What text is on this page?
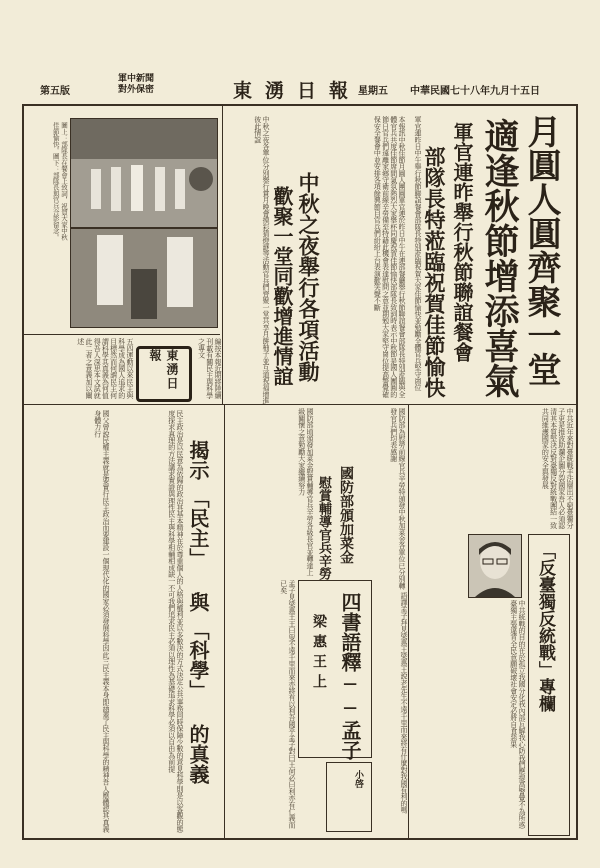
第五版
軍中新聞
對外保密	東湧日報
星期五 中華民國七十八年九月十五日
月圓人圓齊聚一堂
適逢秋節增添喜氣
軍官連昨舉行秋節聯誼餐會
部隊長特蒞臨祝賀佳節愉快
軍官連昨日中午舉行秋節聯誼餐會部隊長特別蒞臨祝賀大家佳節愉快並勉勵全體官兵堅守崗位
本報訊中秋佳節月圓人團圓軍官連於昨日中午在連部餐廳舉行秋節聯誼餐會部隊長特別蒞臨與全體官兵共度佳節席間氣氛熱烈大家舉杯同慶祝賀佳節愉快部隊長致詞時表示中秋節是國人團圓的節日官兵們遠離家鄉守衛前線辛勞備至特藉此機會表達慰問之意並期勉大家堅守崗位提高警覺確保安全餐會中並安排各項餘興節目官兵們紛紛上台表演歡笑聲不斷
中秋之夜舉行各項活動
歡聚一堂同歡增進情誼
中秋之夜各單位分別舉行賞月晚會摸彩猜燈謎等活動官兵們齊聚一堂共享月餅柚子並互道祝福增進彼此情誼
圖上：部隊長在餐會上致詞，祝賀大家中秋佳節愉快。圖下：部隊長與官兵合影留念。
東湧日報	編按本報近期將陸續刊載有關民主與科學之專文
五四運動以來民主與科學成為國人追求的目標然而何謂民主何謂科學其真義為何值得吾人深思本文試就此二者之意義加以闡述
揭示
「民主」
與
「科學」
的真義
民主政治是以民意為依歸的政治其基本精神在於尊重個人的人格與權利並以多數決的方式決定公共事務同時保障少數的意見科學則是以客觀的態度探求真理的方法講求實證與理性民主與科學相輔相成缺一不可我們追求民主必須以理性為基礎追求科學必須以自由為前提
國父曾說民權主義就是要實行民主政治而要建設一個現代化的國家必須發展科學因此三民主義本身即涵蓋了民主與科學的精神吾人應體認其真義身體力行
國防部頒加菜金
慰賞輔導官兵辛勞	國防部為慰勞前線官兵辛勞特頒發中秋加菜金各單位已分別轉發官兵們均表感謝
國防部頃頒發加菜金慰賞輔導官兵辛勞各級長官並轉達上級關懷之意勉勵大家繼續努力
四書語釋──孟子
梁惠王上
孟子見梁惠王王曰叟不遠千里而來亦將有以利吾國乎孟子對曰王何必曰利亦有仁義而已矣
語譯孟子拜見梁惠王梁惠王說老先生不遠千里而來將有什麼對我國有利的嗎
小啓
「反臺獨反統戰」專欄
中共近年來對臺統戰手法層出不窮臺獨分子更是推波助瀾企圖分裂國家吾人必須認清其本質堅決反對臺獨反對統戰團結一致共同維護國家的安全與發展
中共統戰的目的在於孤立我國分化我內部瓦解我心防我們應提高警覺不為所惑臺獨主張違背全民意願破壞社會安定必將自食惡果
